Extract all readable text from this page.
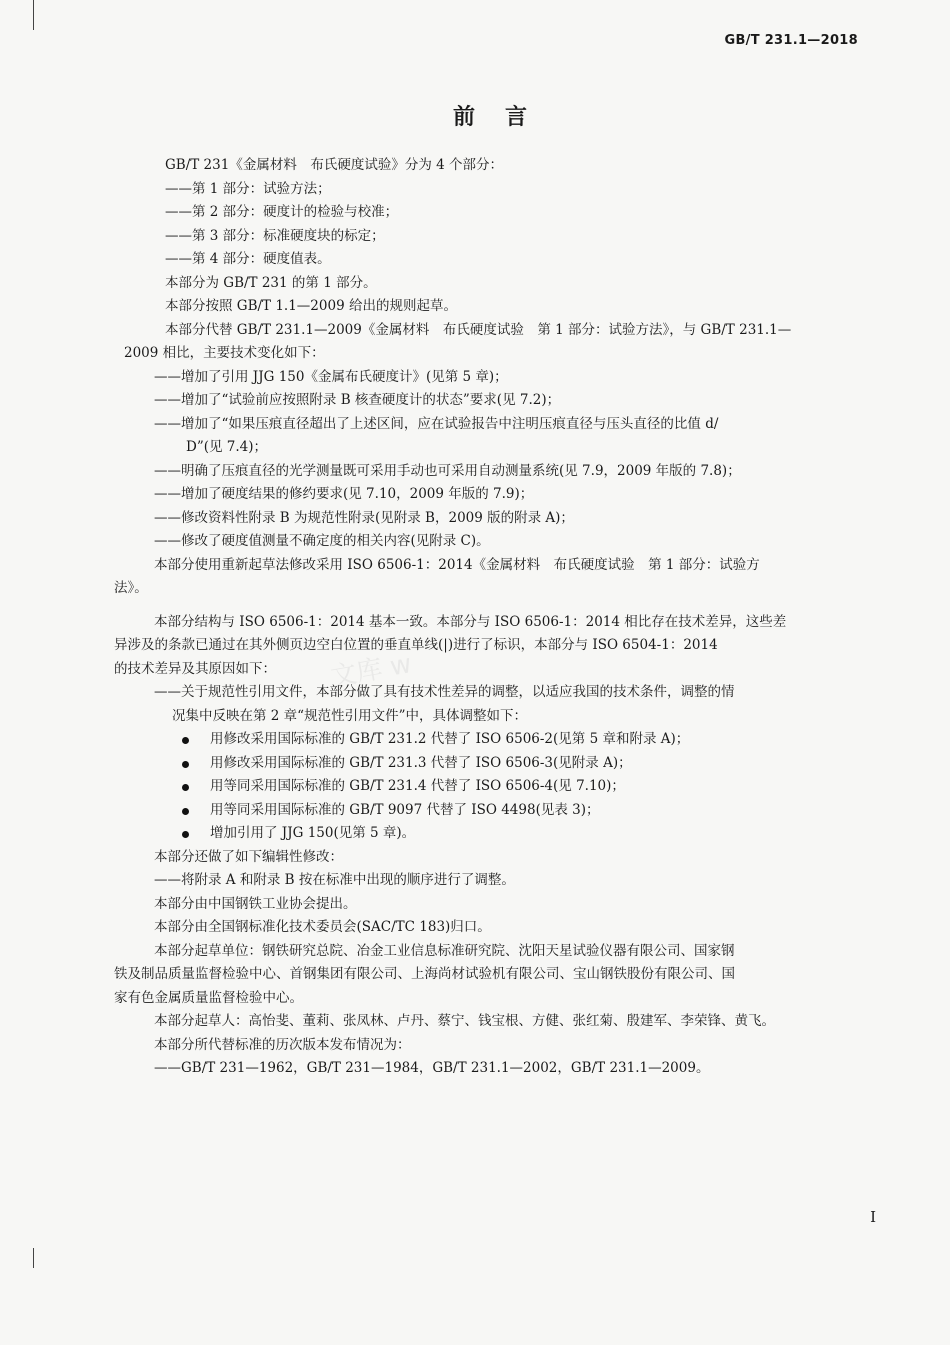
GB/T 231.1—2018
前言
文库 w

GB/T 231《金属材料　布氏硬度试验》分为 4 个部分：

——第 1 部分：试验方法；

——第 2 部分：硬度计的检验与校准；

——第 3 部分：标准硬度块的标定；

——第 4 部分：硬度值表。

本部分为 GB/T 231 的第 1 部分。

本部分按照 GB/T 1.1—2009 给出的规则起草。

本部分代替 GB/T 231.1—2009《金属材料　布氏硬度试验　第 1 部分：试验方法》，与 GB/T 231.1—

2009 相比，主要技术变化如下：

——增加了引用 JJG 150《金属布氏硬度计》(见第 5 章)；

——增加了“试验前应按照附录 B 核查硬度计的状态”要求(见 7.2)；

——增加了“如果压痕直径超出了上述区间，应在试验报告中注明压痕直径与压头直径的比值 d/

D”(见 7.4)；

——明确了压痕直径的光学测量既可采用手动也可采用自动测量系统(见 7.9，2009 年版的 7.8)；

——增加了硬度结果的修约要求(见 7.10，2009 年版的 7.9)；

——修改资料性附录 B 为规范性附录(见附录 B，2009 版的附录 A)；

——修改了硬度值测量不确定度的相关内容(见附录 C)。

本部分使用重新起草法修改采用 ISO 6506-1：2014《金属材料　布氏硬度试验　第 1 部分：试验方

法》。

本部分结构与 ISO 6506-1：2014 基本一致。本部分与 ISO 6506-1：2014 相比存在技术差异，这些差

异涉及的条款已通过在其外侧页边空白位置的垂直单线(|)进行了标识，本部分与 ISO 6504-1：2014

的技术差异及其原因如下：

——关于规范性引用文件，本部分做了具有技术性差异的调整，以适应我国的技术条件，调整的情

况集中反映在第 2 章“规范性引用文件”中，具体调整如下：

用修改采用国际标准的 GB/T 231.2 代替了 ISO 6506-2(见第 5 章和附录 A)；
用修改采用国际标准的 GB/T 231.3 代替了 ISO 6506-3(见附录 A)；
用等同采用国际标准的 GB/T 231.4 代替了 ISO 6506-4(见 7.10)；
用等同采用国际标准的 GB/T 9097 代替了 ISO 4498(见表 3)；
增加引用了 JJG 150(见第 5 章)。

本部分还做了如下编辑性修改：

——将附录 A 和附录 B 按在标准中出现的顺序进行了调整。

本部分由中国钢铁工业协会提出。

本部分由全国钢标准化技术委员会(SAC/TC 183)归口。

本部分起草单位：钢铁研究总院、冶金工业信息标准研究院、沈阳天星试验仪器有限公司、国家钢

铁及制品质量监督检验中心、首钢集团有限公司、上海尚材试验机有限公司、宝山钢铁股份有限公司、国

家有色金属质量监督检验中心。

本部分起草人：高怡斐、董莉、张凤林、卢丹、蔡宁、钱宝根、方健、张红菊、殷建军、李荣锋、黄飞。

本部分所代替标准的历次版本发布情况为：

——GB/T 231—1962，GB/T 231—1984，GB/T 231.1—2002，GB/T 231.1—2009。

I
